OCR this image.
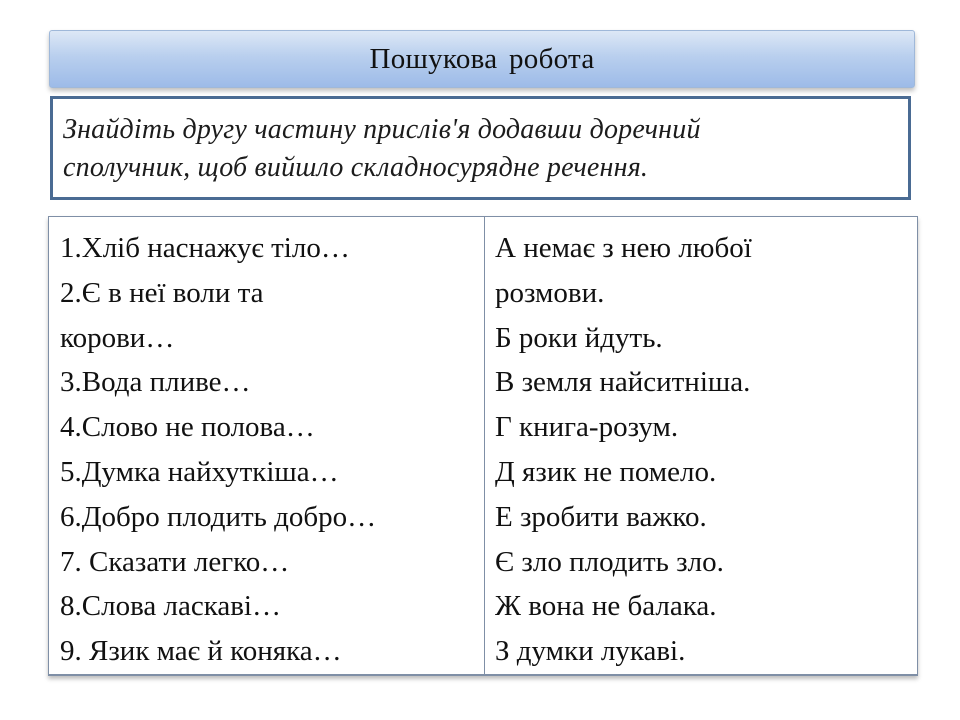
Пошукова робота

Знайдіть другу частину прислів'я додавши доречний

сполучник, щоб вийшло складносурядне речення.

1.Хліб наснажує тіло…

2.Є в неї воли та

корови…

3.Вода пливе…

4.Слово не полова…

5.Думка найхуткіша…

6.Добро плодить добро…

7. Сказати легко…

8.Слова ласкаві…

9. Язик має й коняка…

А немає з нею любої

розмови.

Б роки йдуть.

В земля найситніша.

Г книга-розум.

Д язик не помело.

Е зробити важко.

Є зло плодить зло.

Ж вона не балака.

З думки лукаві.
